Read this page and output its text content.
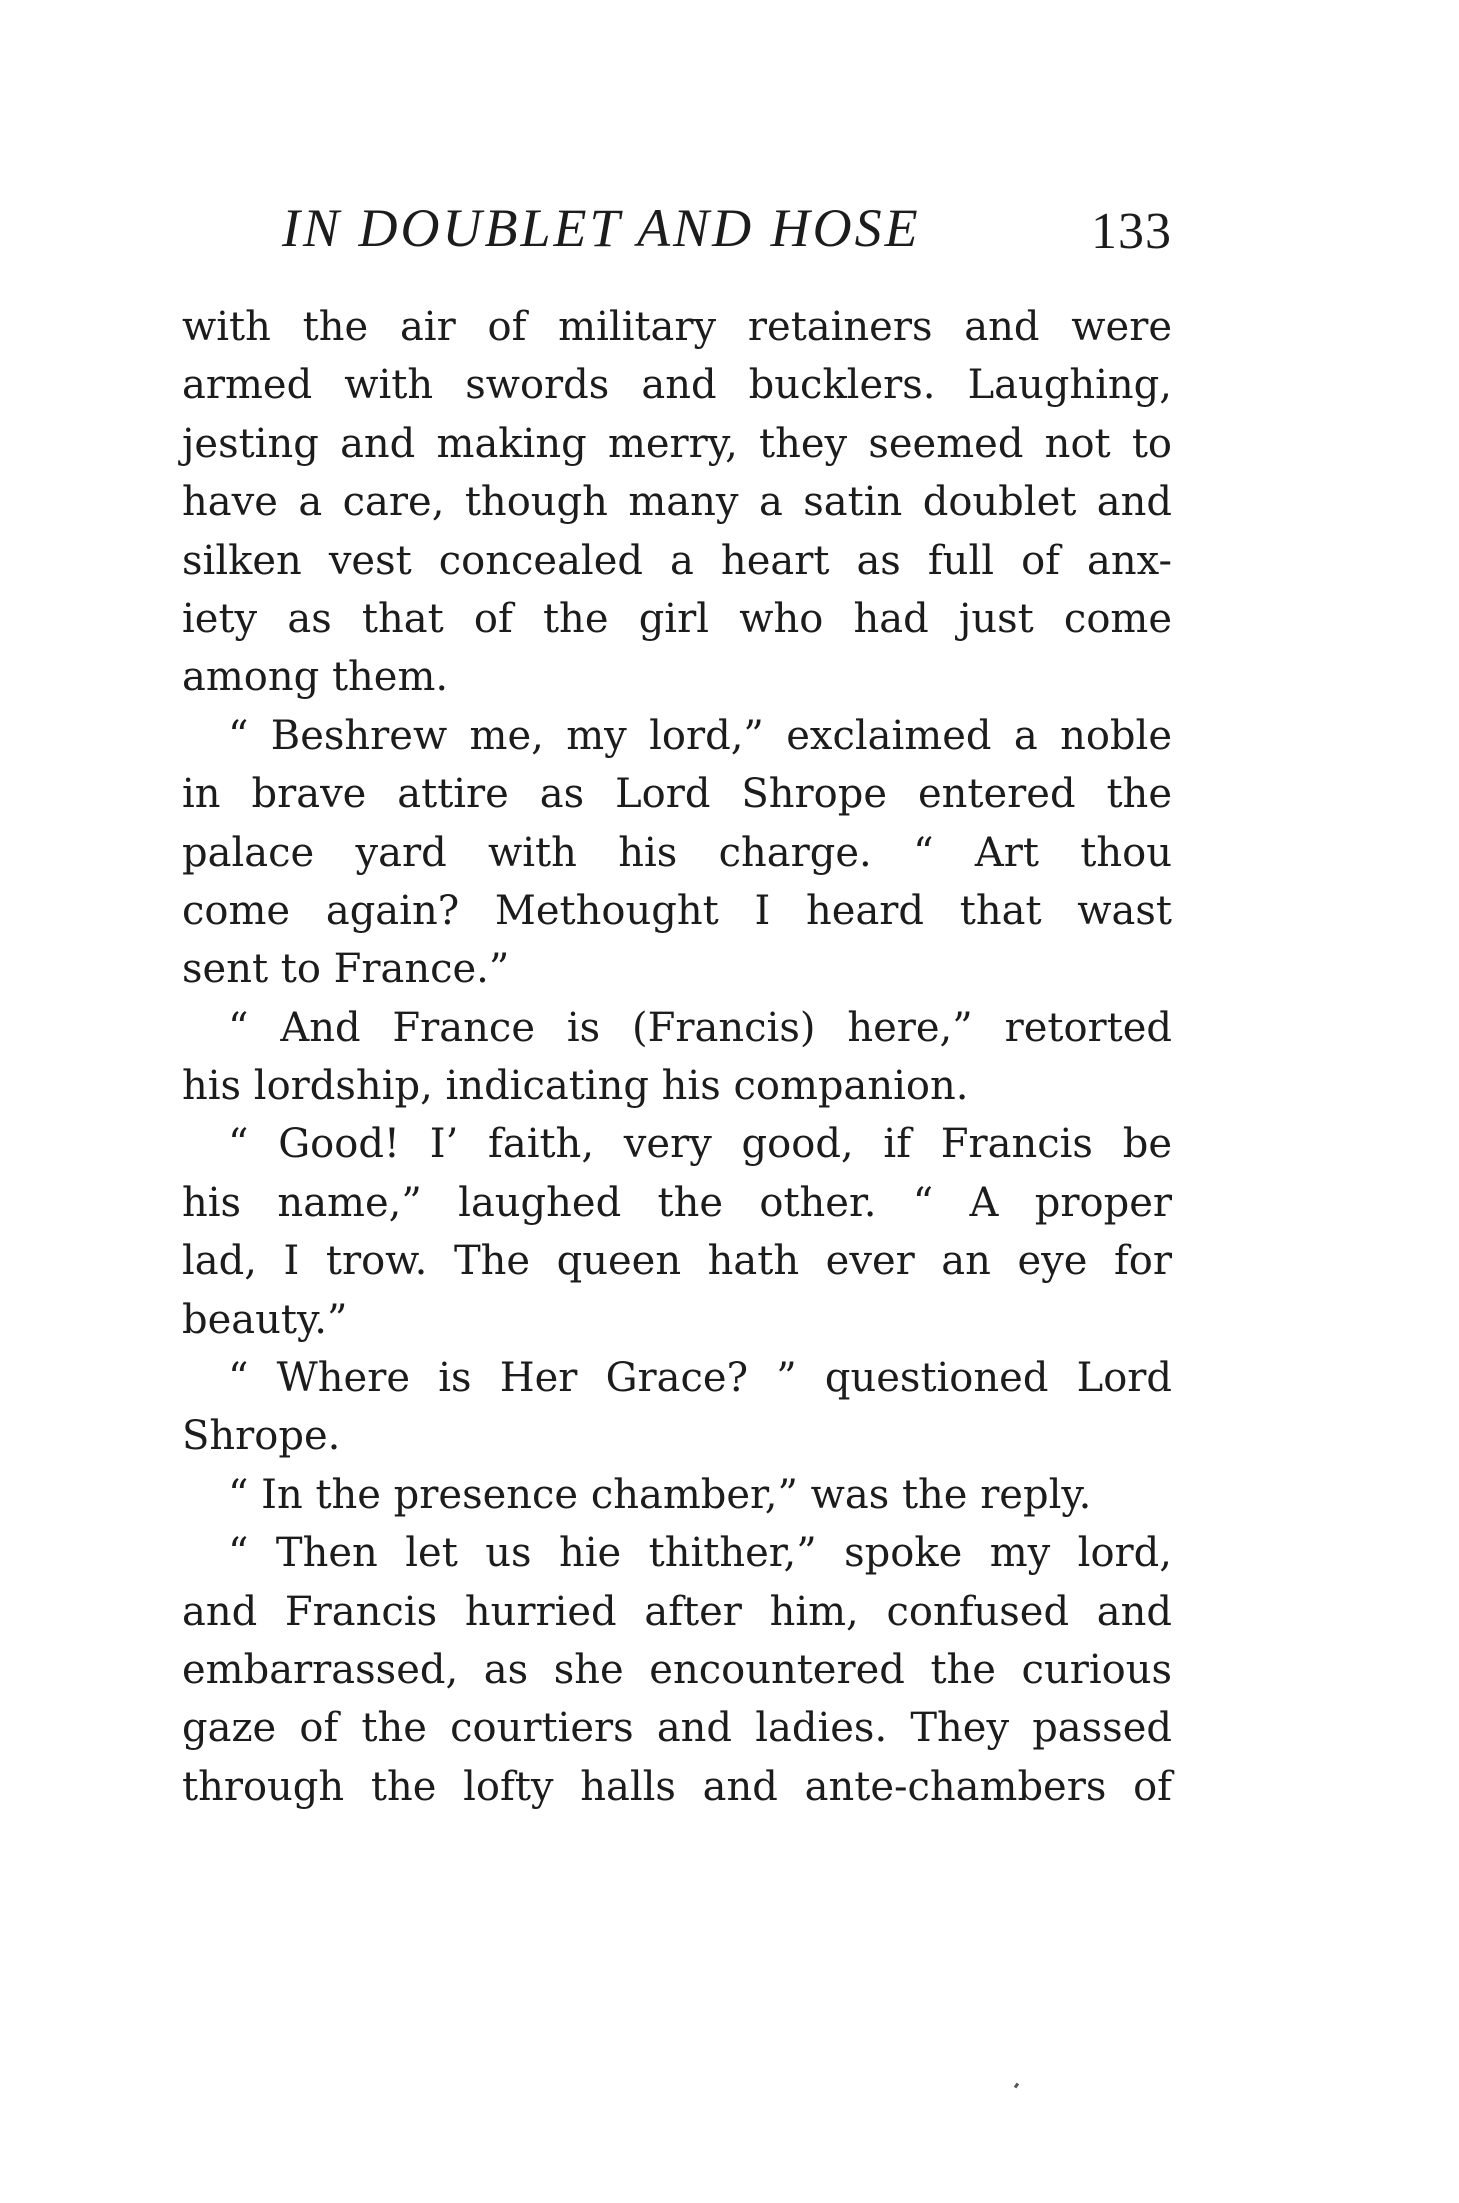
IN DOUBLET AND HOSE	133
with the air of military retainers and were
armed with swords and bucklers. Laughing,
jesting and making merry, they seemed not to
have a care, though many a satin doublet and
silken vest concealed a heart as full of anx-
iety as that of the girl who had just come
among them.
“ Beshrew me, my lord,” exclaimed a noble
in brave attire as Lord Shrope entered the
palace yard with his charge. “ Art thou
come again? Methought I heard that wast
sent to France.”
“ And France is (Francis) here,” retorted
his lordship, indicating his companion.
“ Good! I’ faith, very good, if Francis be
his name,” laughed the other. “ A proper
lad, I trow. The queen hath ever an eye for
beauty.”
“ Where is Her Grace? ” questioned Lord
Shrope.
“ In the presence chamber,” was the reply.
“ Then let us hie thither,” spoke my lord,
and Francis hurried after him, confused and
embarrassed, as she encountered the curious
gaze of the courtiers and ladies. They passed
through the lofty halls and ante-chambers of
